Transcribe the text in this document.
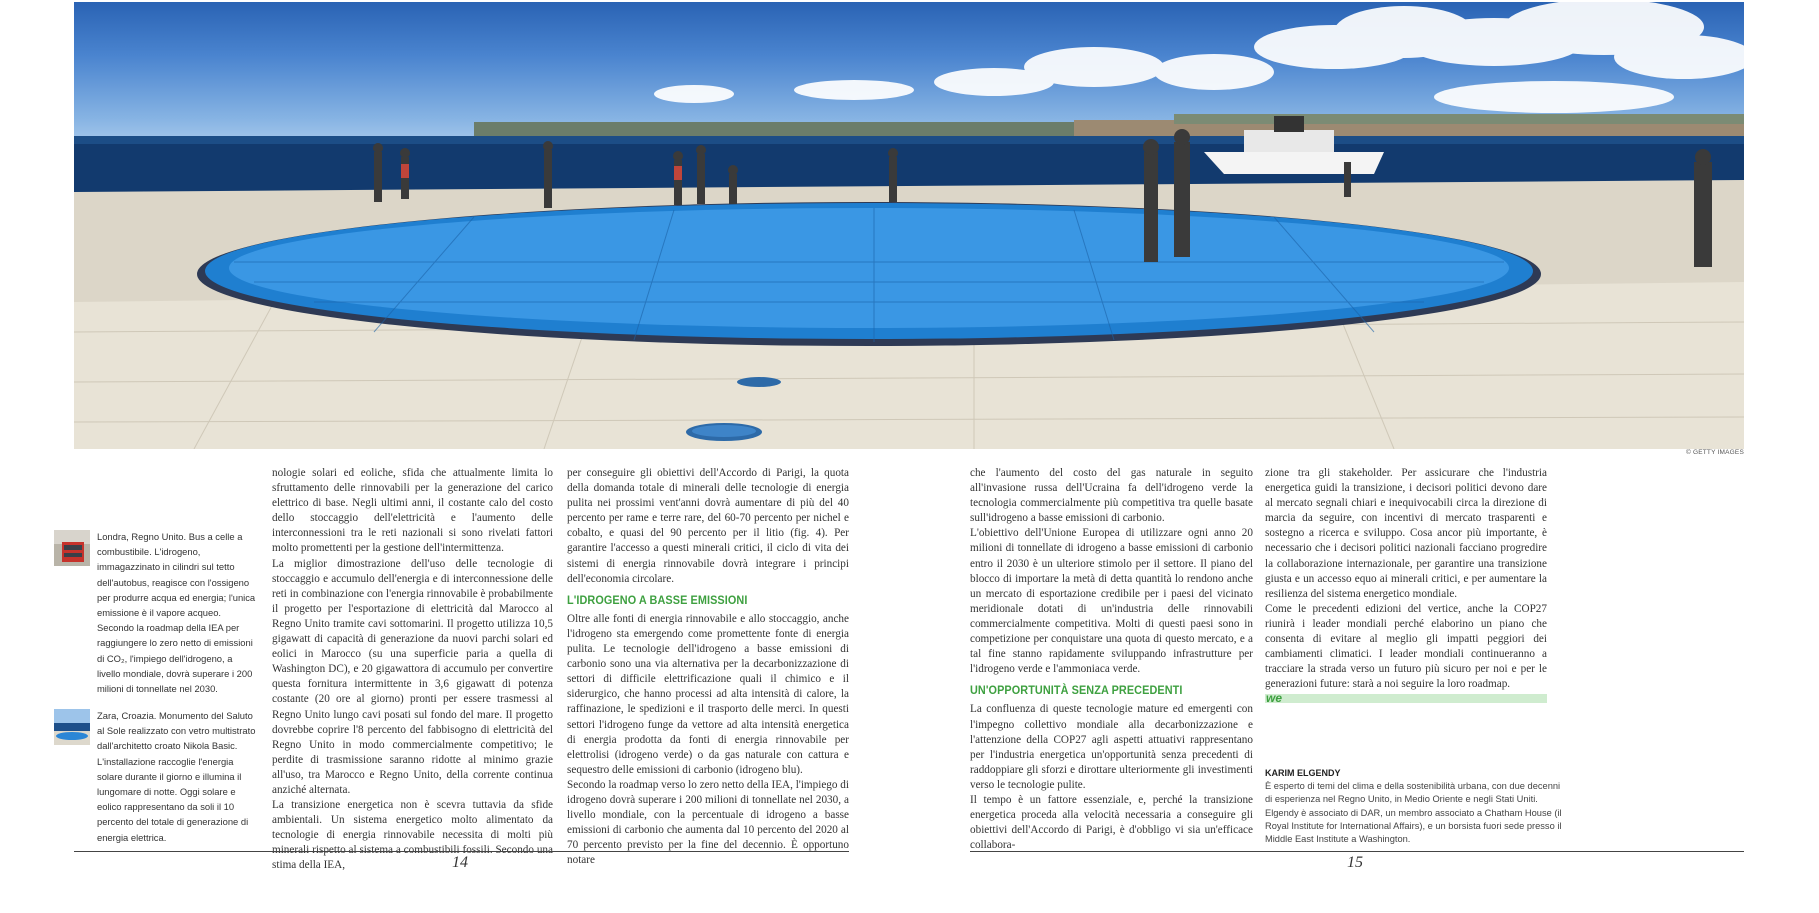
© GETTY IMAGES
Londra, Regno Unito. Bus a celle a combustibile. L'idrogeno, immagazzinato in cilindri sul tetto dell'autobus, reagisce con l'ossigeno per produrre acqua ed energia; l'unica emissione è il vapore acqueo. Secondo la roadmap della IEA per raggiungere lo zero netto di emissioni di CO₂, l'impiego dell'idrogeno, a livello mondiale, dovrà superare i 200 milioni di tonnellate nel 2030.
Zara, Croazia. Monumento del Saluto al Sole realizzato con vetro multistrato dall'architetto croato Nikola Basic. L'installazione raccoglie l'energia solare durante il giorno e illumina il lungomare di notte. Oggi solare e eolico rappresentano da soli il 10 percento del totale di generazione di energia elettrica.

nologie solari ed eoliche, sfida che attualmente limita lo sfruttamento delle rinnovabili per la generazione del carico elettrico di base. Negli ultimi anni, il costante calo del costo dello stoccaggio dell'elettricità e l'aumento delle interconnessioni tra le reti nazionali si sono rivelati fattori molto promettenti per la gestione dell'intermittenza.

La miglior dimostrazione dell'uso delle tecnologie di stoccaggio e accumulo dell'energia e di interconnessione delle reti in combinazione con l'energia rinnovabile è probabilmente il progetto per l'esportazione di elettricità dal Marocco al Regno Unito tramite cavi sottomarini. Il progetto utilizza 10,5 gigawatt di capacità di generazione da nuovi parchi solari ed eolici in Marocco (su una superficie paria a quella di Washington DC), e 20 gigawattora di accumulo per convertire questa fornitura intermittente in 3,6 gigawatt di potenza costante (20 ore al giorno) pronti per essere trasmessi al Regno Unito lungo cavi posati sul fondo del mare. Il progetto dovrebbe coprire l'8 percento del fabbisogno di elettricità del Regno Unito in modo commercialmente competitivo; le perdite di trasmissione saranno ridotte al minimo grazie all'uso, tra Marocco e Regno Unito, della corrente continua anziché alternata.

La transizione energetica non è scevra tuttavia da sfide ambientali. Un sistema energetico molto alimentato da tecnologie di energia rinnovabile necessita di molti più stima della IEA,

per conseguire gli obiettivi dell'Accordo di Parigi, la quota della domanda totale di minerali delle tecnologie di energia pulita nei prossimi vent'anni dovrà aumentare di più del 40 percento per rame e terre rare, del 60-70 percento per nichel e cobalto, e quasi del 90 percento per il litio (fig. 4). Per garantire l'accesso a questi minerali critici, il ciclo di vita dei sistemi di energia rinnovabile dovrà integrare i principi dell'economia circolare.

L'IDROGENO A BASSE EMISSIONI

Oltre alle fonti di energia rinnovabile e allo stoccaggio, anche l'idrogeno sta emergendo come promettente fonte di energia pulita. Le tecnologie dell'idrogeno a basse emissioni di carbonio sono una via alternativa per la decarbonizzazione di settori di difficile elettrificazione quali il chimico e il siderurgico, che hanno processi ad alta intensità di calore, la raffinazione, le spedizioni e il trasporto delle merci. In questi settori l'idrogeno funge da vettore ad alta intensità energetica di energia prodotta da fonti di energia rinnovabile per elettrolisi (idrogeno verde) o da gas naturale con cattura e sequestro delle emissioni di carbonio (idrogeno blu).

Secondo la roadmap verso lo zero netto della IEA, l'impiego di idrogeno dovrà superare i 200 milioni di tonnellate nel 2030, a livello mondiale, con la percentuale di idrogeno a basse emissioni di carbonio che aumenta dal 10 percento del 2020 al 70 percento previsto per la fine del decennio. È opportuno notare

che l'aumento del costo del gas naturale in seguito all'invasione russa dell'Ucraina fa dell'idrogeno verde la tecnologia commercialmente più competitiva tra quelle basate sull'idrogeno a basse emissioni di carbonio.

L'obiettivo dell'Unione Europea di utilizzare ogni anno 20 milioni di tonnellate di idrogeno a basse emissioni di carbonio entro il 2030 è un ulteriore stimolo per il settore. Il piano del blocco di importare la metà di detta quantità lo rendono anche un mercato di esportazione credibile per i paesi del vicinato meridionale dotati di un'industria delle rinnovabili commercialmente competitiva. Molti di questi paesi sono in competizione per conquistare una quota di questo mercato, e a tal fine stanno rapidamente sviluppando infrastrutture per l'idrogeno verde e l'ammoniaca verde.

UN'OPPORTUNITÀ SENZA PRECEDENTI

La confluenza di queste tecnologie mature ed emergenti con l'impegno collettivo mondiale alla decarbonizzazione e l'attenzione della COP27 agli aspetti attuativi rappresentano per l'industria energetica un'opportunità senza precedenti di raddoppiare gli sforzi e dirottare ulteriormente gli investimenti verso le tecnologie pulite.

Il tempo è un fattore essenziale, e, perché la transizione energetica proceda alla velocità necessaria a conseguire gli obiettivi dell'Accordo di Parigi, è d'obbligo vi sia un'efficace collabora-

zione tra gli stakeholder. Per assicurare che l'industria energetica guidi la transizione, i decisori politici devono dare al mercato segnali chiari e inequivocabili circa la direzione di marcia da seguire, con incentivi di mercato trasparenti e sostegno a ricerca e sviluppo. Cosa ancor più importante, è necessario che i decisori politici nazionali facciano progredire la collaborazione internazionale, per garantire una transizione giusta e un accesso equo ai minerali critici, e per aumentare la resilienza del sistema energetico mondiale.

Come le precedenti edizioni del vertice, anche la COP27 riunirà i leader mondiali perché elaborino un piano che consenta di evitare al meglio gli impatti peggiori dei cambiamenti climatici. I leader mondiali continueranno a tracciare la strada verso un futuro più sicuro per noi e per le generazioni future: starà a noi seguire la loro roadmap.

we
KARIM ELGENDY
È esperto di temi del clima e della sostenibilità urbana, con due decenni di esperienza nel Regno Unito, in Medio Oriente e negli Stati Uniti. Elgendy è associato di DAR, un membro associato a Chatham House (il Royal Institute for International Affairs), e un borsista fuori sede presso il Middle East Institute a Washington.
14	15
